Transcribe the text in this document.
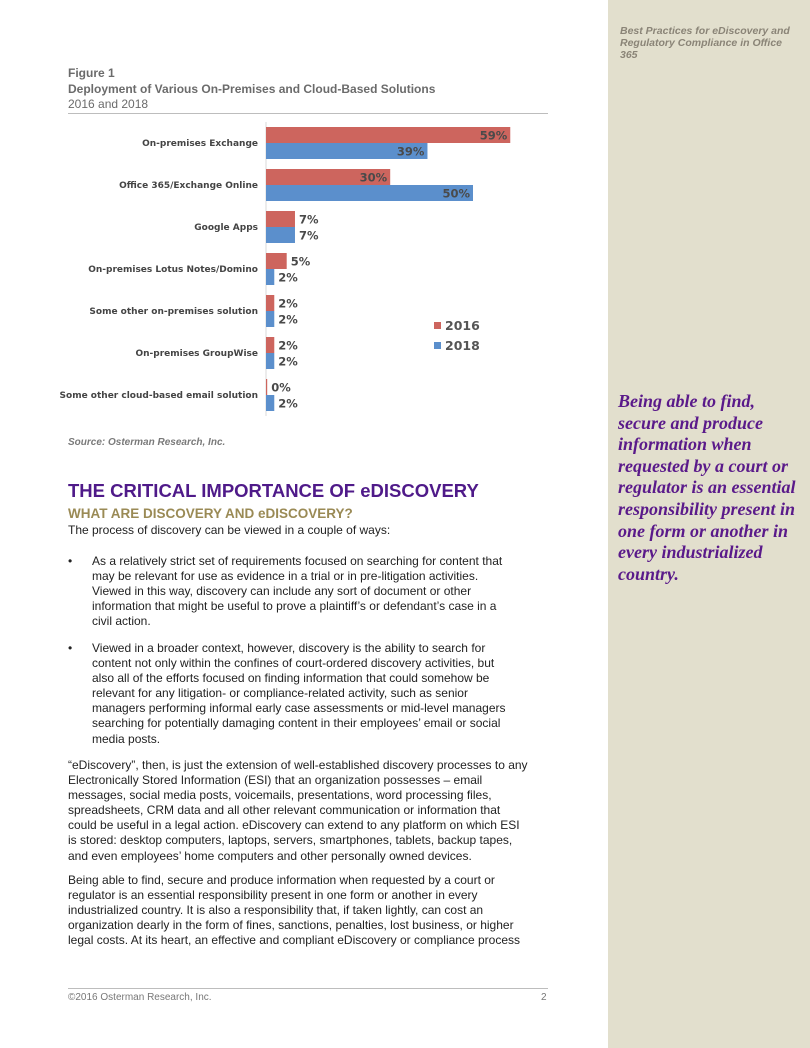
Best Practices for eDiscovery and Regulatory Compliance in Office 365
Being able to find, secure and produce information when requested by a court or regulator is an essential responsibility present in one form or another in every industrialized country.
Figure 1
Deployment of Various On-Premises and Cloud-Based Solutions
2016 and 2018
On-premises Exchange
59%
39%
Office 365/Exchange Online
30%
50%
Google Apps
7%
7%
On-premises Lotus Notes/Domino
5%
2%
Some other on-premises solution
2%
2%
On-premises GroupWise
2%
2%
Some other cloud-based email solution
0%
2%
2016
2018
Source: Osterman Research, Inc.
THE CRITICAL IMPORTANCE OF eDISCOVERY
WHAT ARE DISCOVERY AND eDISCOVERY?
The process of discovery can be viewed in a couple of ways:
• As a relatively strict set of requirements focused on searching for content that may be relevant for use as evidence in a trial or in pre-litigation activities. Viewed in this way, discovery can include any sort of document or other information that might be useful to prove a plaintiff’s or defendant’s case in a civil action.
• Viewed in a broader context, however, discovery is the ability to search for content not only within the confines of court-ordered discovery activities, but also all of the efforts focused on finding information that could somehow be relevant for any litigation- or compliance-related activity, such as senior managers performing informal early case assessments or mid-level managers searching for potentially damaging content in their employees’ email or social media posts.
“eDiscovery”, then, is just the extension of well-established discovery processes to any Electronically Stored Information (ESI) that an organization possesses – email messages, social media posts, voicemails, presentations, word processing files, spreadsheets, CRM data and all other relevant communication or information that could be useful in a legal action. eDiscovery can extend to any platform on which ESI is stored: desktop computers, laptops, servers, smartphones, tablets, backup tapes, and even employees’ home computers and other personally owned devices.
Being able to find, secure and produce information when requested by a court or regulator is an essential responsibility present in one form or another in every industrialized country. It is also a responsibility that, if taken lightly, can cost an organization dearly in the form of fines, sanctions, penalties, lost business, or higher legal costs. At its heart, an effective and compliant eDiscovery or compliance process
©2016 Osterman Research, Inc.	2
